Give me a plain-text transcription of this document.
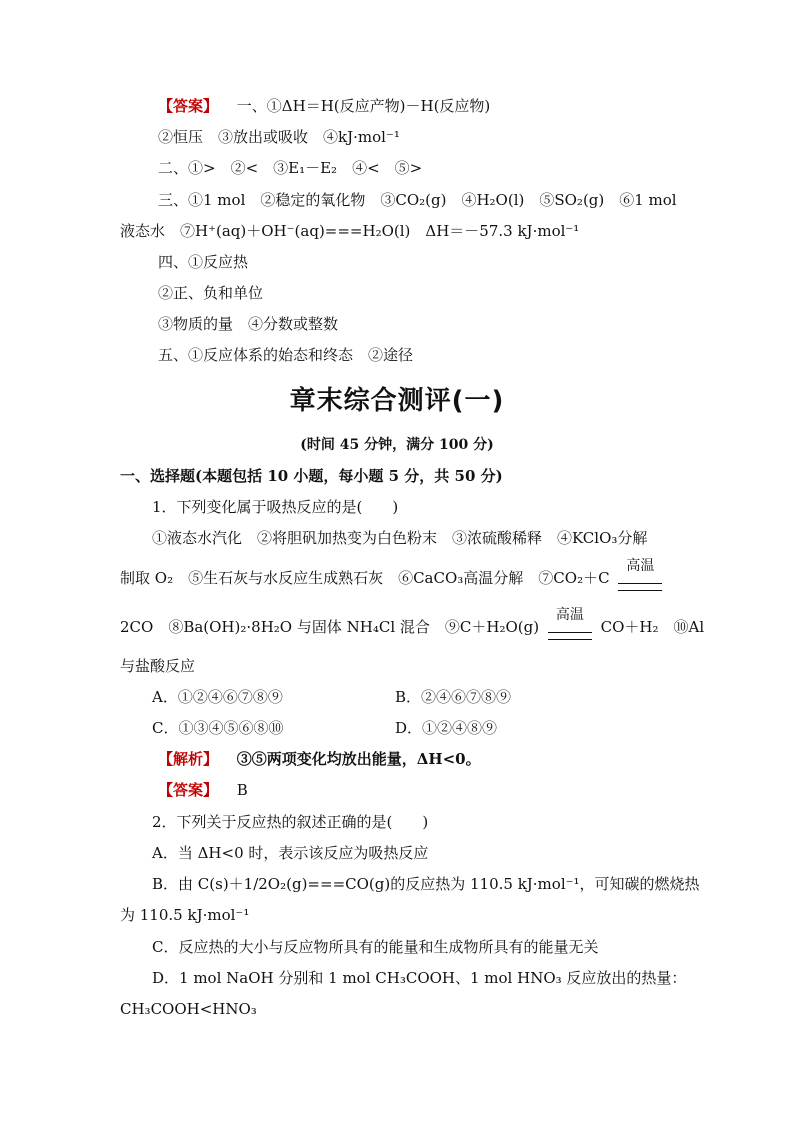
【答案】 一、①ΔH＝H(反应产物)－H(反应物)
②恒压　③放出或吸收　④kJ·mol⁻¹
二、①>　②<　③E₁－E₂　④<　⑤>
三、①1 mol　②稳定的氧化物　③CO₂(g)　④H₂O(l)　⑤SO₂(g)　⑥1 mol
液态水　⑦H⁺(aq)＋OH⁻(aq)===H₂O(l)　ΔH＝－57.3 kJ·mol⁻¹
四、①反应热
②正、负和单位
③物质的量　④分数或整数
五、①反应体系的始态和终态　②途径
章末综合测评(一)
(时间 45 分钟，满分 100 分)
一、选择题(本题包括 10 小题，每小题 5 分，共 50 分)
1．下列变化属于吸热反应的是(　　)
①液态水汽化　②将胆矾加热变为白色粉末　③浓硫酸稀释　④KClO₃分解
制取 O₂　⑤生石灰与水反应生成熟石灰　⑥CaCO₃高温分解　⑦CO₂＋C
高温
2CO　⑧Ba(OH)₂·8H₂O 与固体 NH₄Cl 混合　⑨C＋H₂O(g)
高温
CO＋H₂　⑩Al
与盐酸反应
A．①②④⑥⑦⑧⑨	B．②④⑥⑦⑧⑨
C．①③④⑤⑥⑧⑩	D．①②④⑧⑨
【解析】 ③⑤两项变化均放出能量，ΔH<0。
【答案】 B
2．下列关于反应热的叙述正确的是(　　)
A．当 ΔH<0 时，表示该反应为吸热反应
B．由 C(s)＋1/2O₂(g)===CO(g)的反应热为 110.5 kJ·mol⁻¹，可知碳的燃烧热
为 110.5 kJ·mol⁻¹
C．反应热的大小与反应物所具有的能量和生成物所具有的能量无关
D．1 mol NaOH 分别和 1 mol CH₃COOH、1 mol HNO₃ 反应放出的热量：
CH₃COOH<HNO₃
